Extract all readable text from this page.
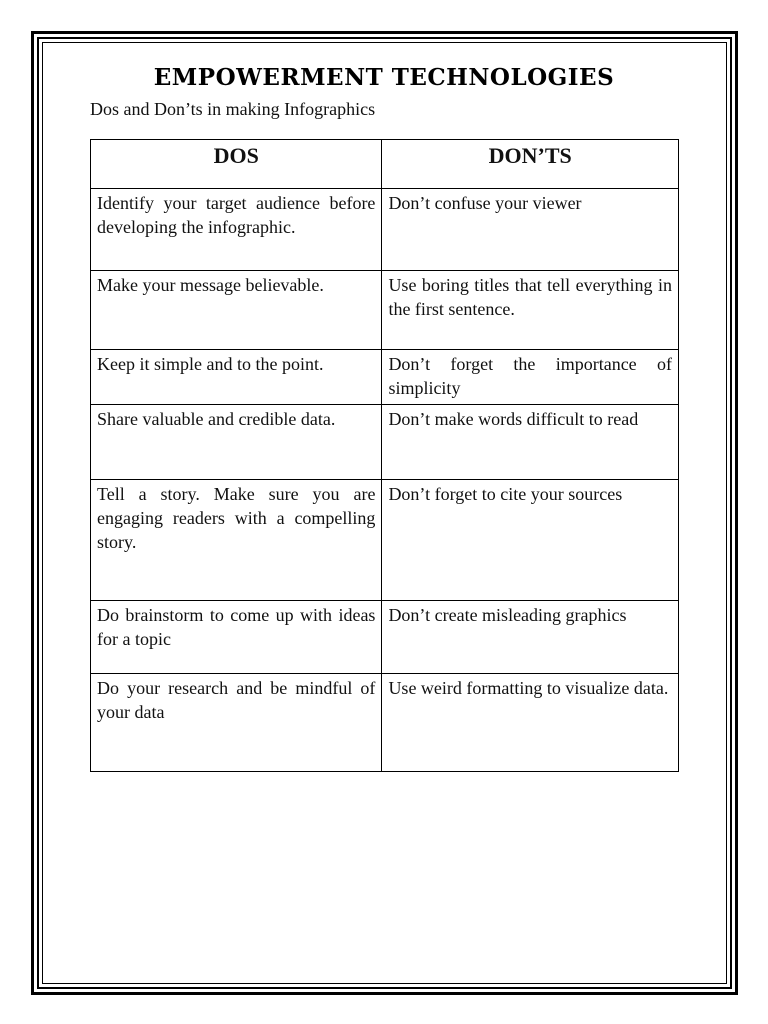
EMPOWERMENT TECHNOLOGIES
Dos and Don’ts in making Infographics
DOS	DON’TS
Identify your target audience before developing the infographic.	Don’t confuse your viewer
Make your message believable.	Use boring titles that tell everything in the first sentence.
Keep it simple and to the point.	Don’t forget the importance of simplicity
Share valuable and credible data.	Don’t make words difficult to read
Tell a story. Make sure you are engaging readers with a compelling story.	Don’t forget to cite your sources
Do brainstorm to come up with ideas for a topic	Don’t create misleading graphics
Do your research and be mindful of your data	Use weird formatting to visualize data.
